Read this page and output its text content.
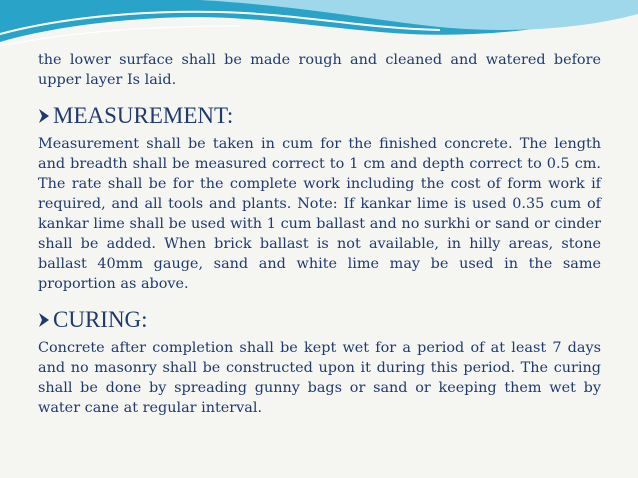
the lower surface shall be made rough and cleaned and watered before upper layer Is laid.

MEASUREMENT:

Measurement shall be taken in cum for the finished concrete. The length and breadth shall be measured correct to 1 cm and depth correct to 0.5 cm. The rate shall be for the complete work including the cost of form work if required, and all tools and plants. Note: If kankar lime is used 0.35 cum of kankar lime shall be used with 1 cum ballast and no surkhi or sand or cinder shall be added. When brick ballast is not available, in hilly areas, stone ballast 40mm gauge, sand and white lime may be used in the same proportion as above.

CURING:

Concrete after completion shall be kept wet for a period of at least 7 days and no masonry shall be constructed upon it during this period. The curing shall be done by spreading gunny bags or sand or keeping them wet by water cane at regular interval.
